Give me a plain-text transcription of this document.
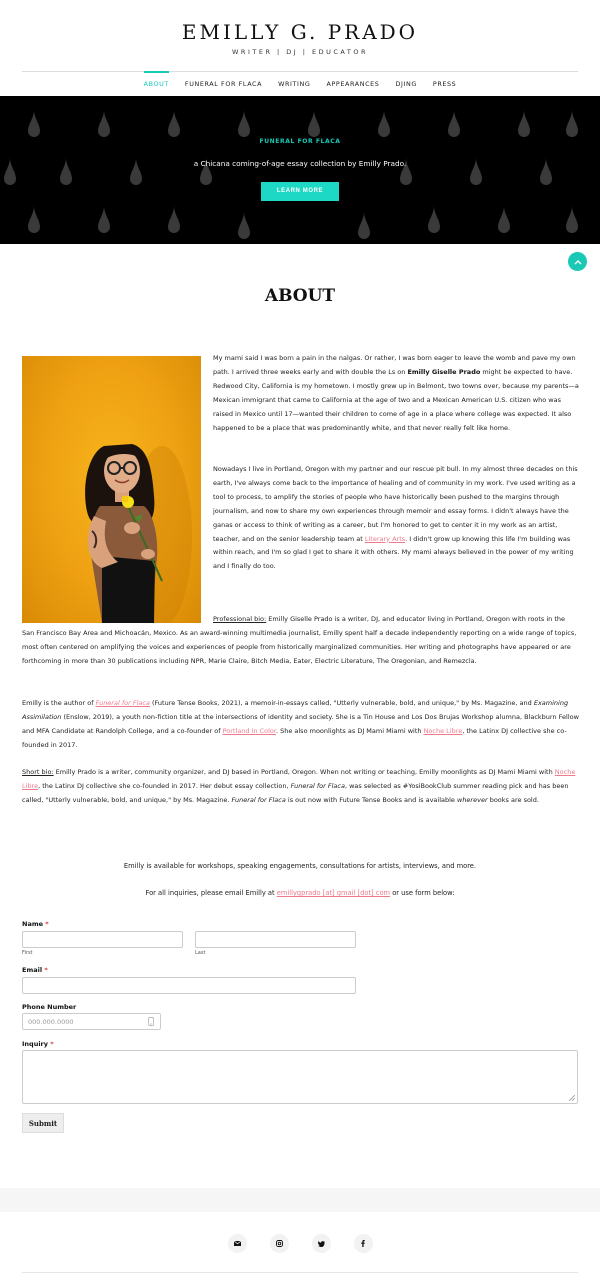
EMILLY G. PRADO
WRITER | DJ | EDUCATOR
ABOUT	FUNERAL FOR FLACA	WRITING	APPEARANCES	DJING	PRESS
FUNERAL FOR FLACA
a Chicana coming-of-age essay collection by Emilly Prado.
LEARN MORE
ABOUT

My mami said I was born a pain in the nalgas. Or rather, I was born eager to leave the womb and pave my own path. I arrived three weeks early and with double the Ls on Emilly Giselle Prado might be expected to have. Redwood City, California is my hometown. I mostly grew up in Belmont, two towns over, because my parents—a Mexican immigrant that came to California at the age of two and a Mexican American U.S. citizen who was raised in Mexico until 17—wanted their children to come of age in a place where college was expected. It also happened to be a place that was predominantly white, and that never really felt like home.

Nowadays I live in Portland, Oregon with my partner and our rescue pit bull. In my almost three decades on this earth, I've always come back to the importance of healing and of community in my work. I've used writing as a tool to process, to amplify the stories of people who have historically been pushed to the margins through journalism, and now to share my own experiences through memoir and essay forms. I didn't always have the ganas or access to think of writing as a career, but I'm honored to get to center it in my work as an artist, teacher, and on the senior leadership team at Literary Arts. I didn't grow up knowing this life I'm building was within reach, and I'm so glad I get to share it with others. My mami always believed in the power of my writing and I finally do too.

Professional bio: Emilly Giselle Prado is a writer, DJ, and educator living in Portland, Oregon with roots in the San Francisco Bay Area and Michoacán, Mexico. As an award-winning multimedia journalist, Emilly spent half a decade independently reporting on a wide range of topics, most often centered on amplifying the voices and experiences of people from historically marginalized communities. Her writing and photographs have appeared or are forthcoming in more than 30 publications including NPR, Marie Claire, Bitch Media, Eater, Electric Literature, The Oregonian, and Remezcla.

Emilly is the author of Funeral for Flaca (Future Tense Books, 2021), a memoir-in-essays called, "Utterly vulnerable, bold, and unique," by Ms. Magazine, and Examining Assimilation (Enslow, 2019), a youth non-fiction title at the intersections of identity and society. She is a Tin House and Los Dos Brujas Workshop alumna, Blackburn Fellow and MFA Candidate at Randolph College, and a co-founder of Portland in Color. She also moonlights as DJ Mami Miami with Noche Libre, the Latinx DJ collective she co-founded in 2017.

Short bio: Emilly Prado is a writer, community organizer, and DJ based in Portland, Oregon. When not writing or teaching, Emilly moonlights as DJ Mami Miami with Noche Libre, the Latinx DJ collective she co-founded in 2017. Her debut essay collection, Funeral for Flaca, was selected as #YosiBookClub summer reading pick and has been called, "Utterly vulnerable, bold, and unique," by Ms. Magazine. Funeral for Flaca is out now with Future Tense Books and is available wherever books are sold.

Emilly is available for workshops, speaking engagements, consultations for artists, interviews, and more.
For all inquiries, please email Emilly at emillygprado [at] gmail [dot] com or use form below:
Name *
First	Last
Email *
Phone Number
000.000.0000
Inquiry *
Submit
